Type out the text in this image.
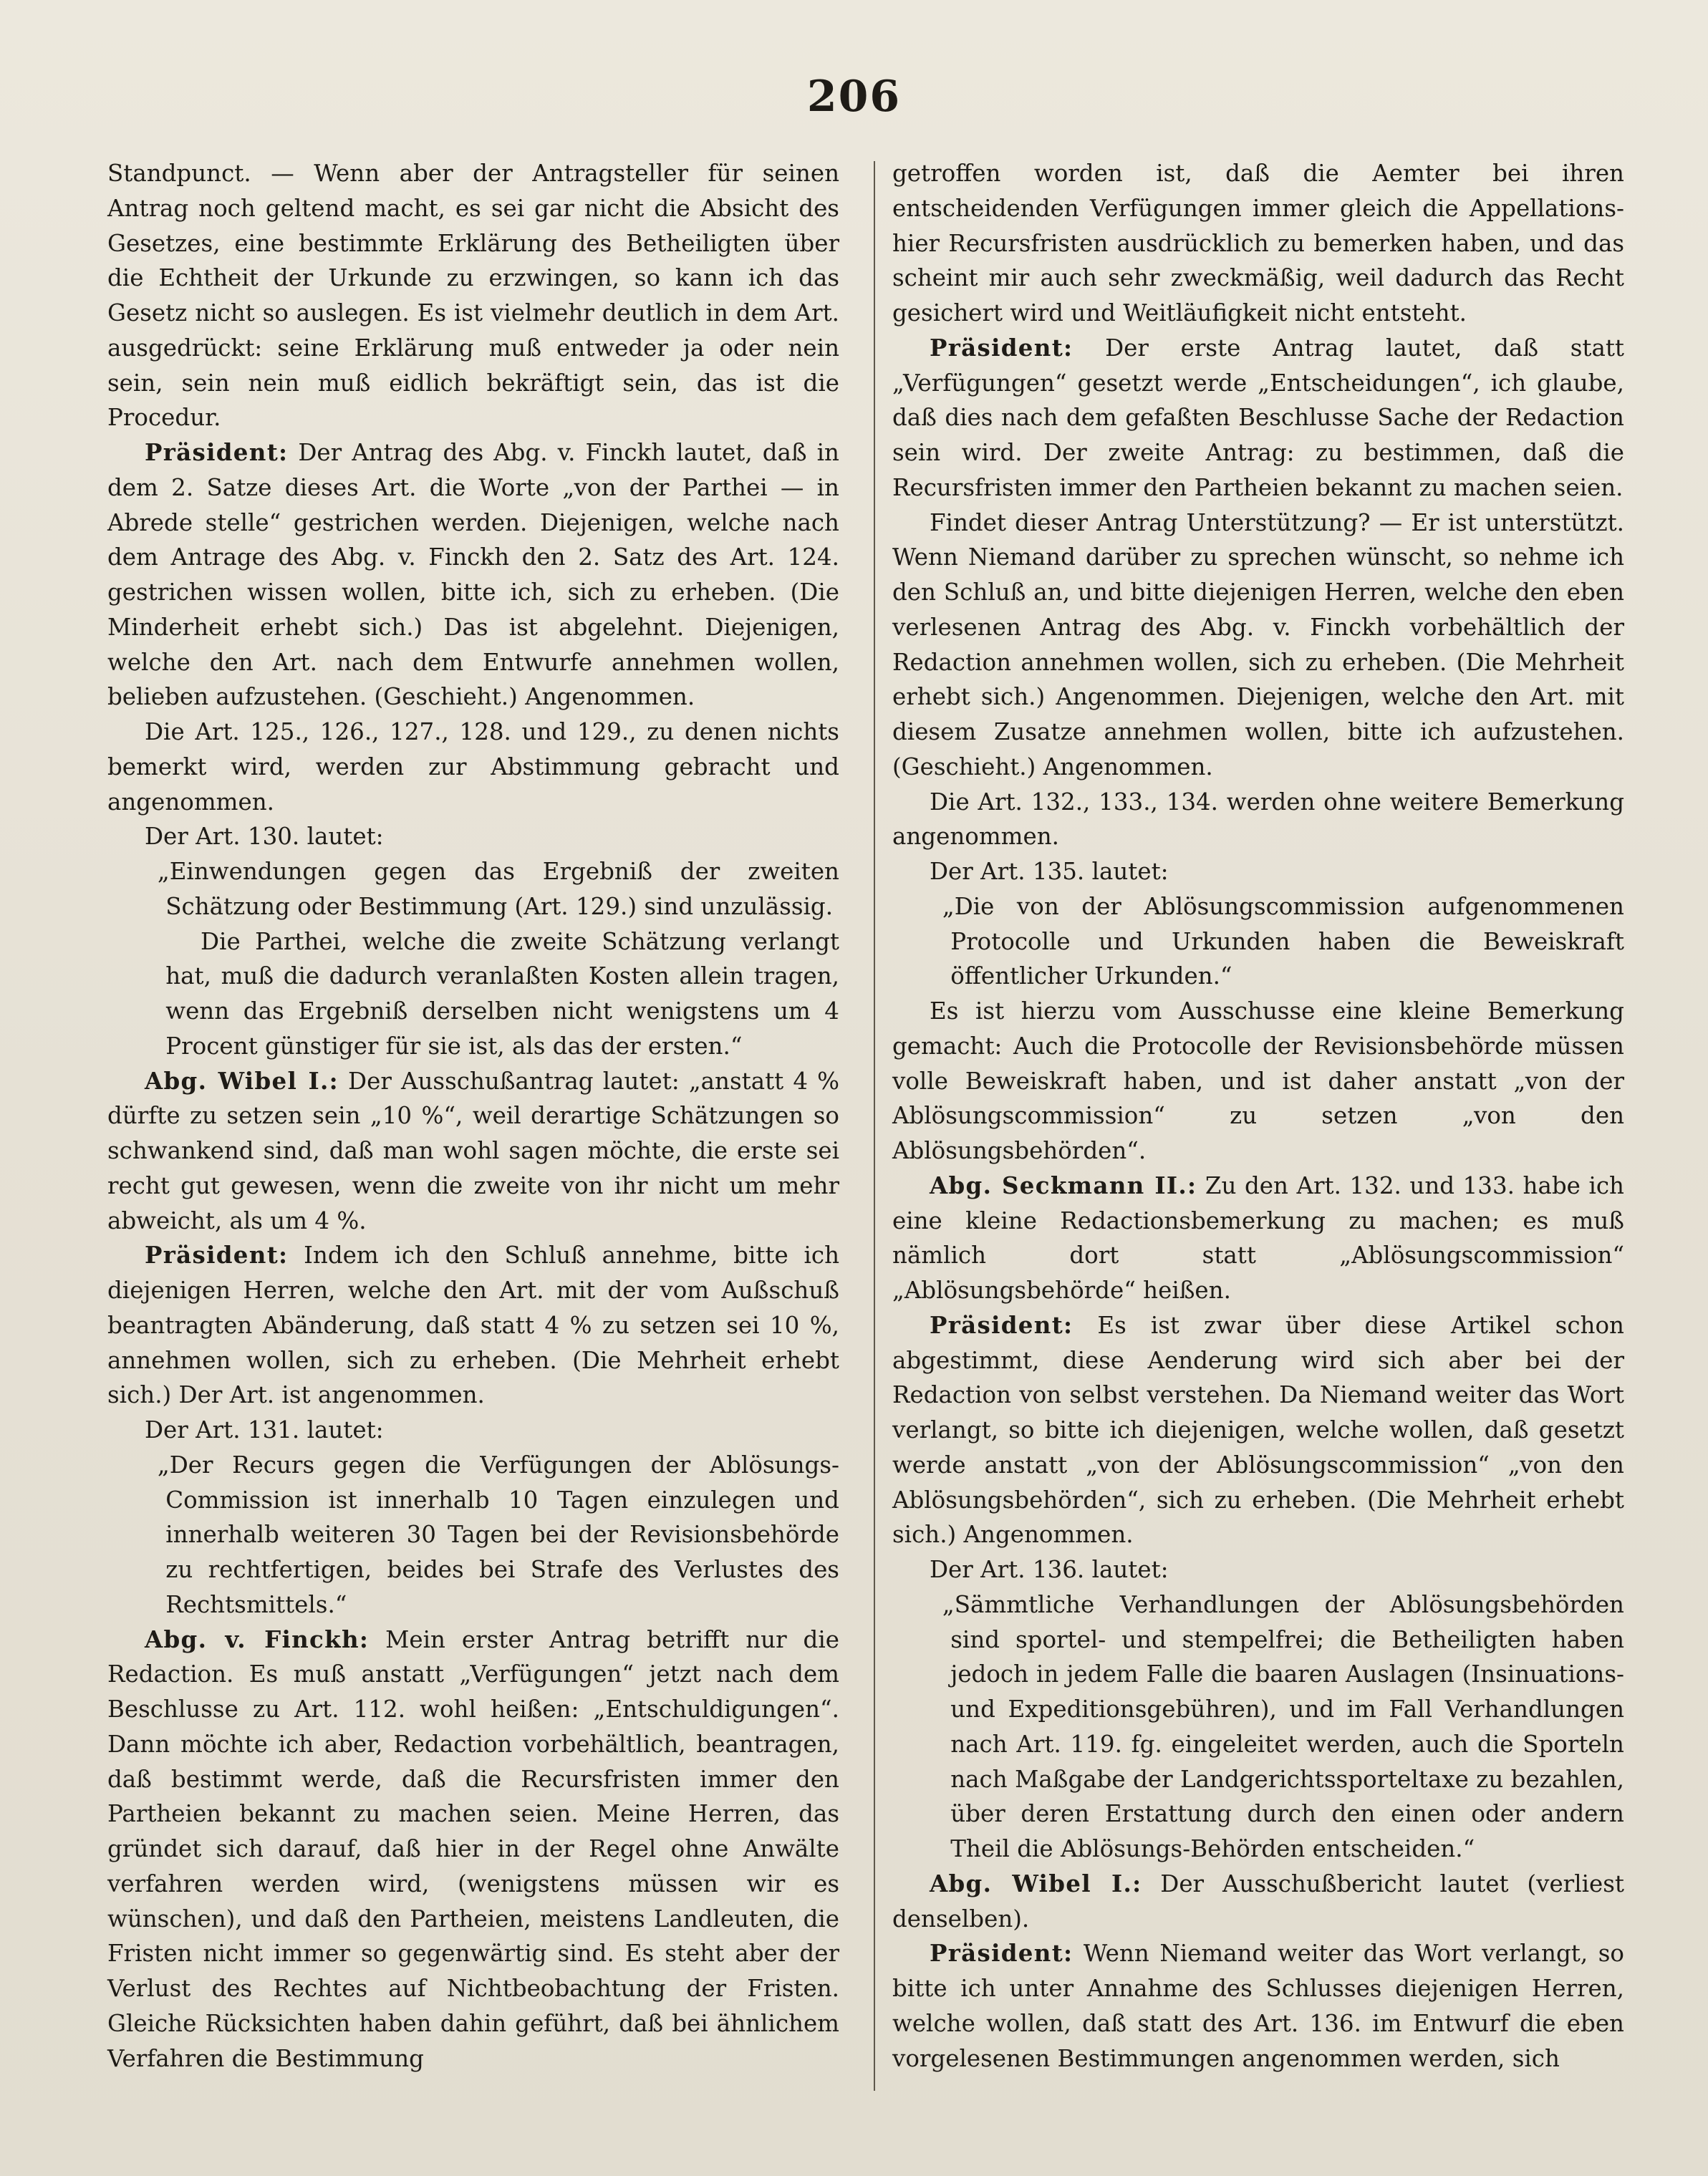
206

Standpunct. — Wenn aber der Antragsteller für seinen Antrag noch geltend macht, es sei gar nicht die Absicht des Gesetzes, eine bestimmte Erklärung des Betheiligten über die Echtheit der Urkunde zu erzwingen, so kann ich das Gesetz nicht so auslegen. Es ist vielmehr deutlich in dem Art. ausgedrückt: seine Erklärung muß entweder ja oder nein sein, sein nein muß eidlich bekräftigt sein, das ist die Procedur.

Präsident: Der Antrag des Abg. v. Finckh lautet, daß in dem 2. Satze dieses Art. die Worte „von der Parthei — in Abrede stelle“ gestrichen werden. Diejenigen, welche nach dem Antrage des Abg. v. Finckh den 2. Satz des Art. 124. gestrichen wissen wollen, bitte ich, sich zu erheben. (Die Minderheit erhebt sich.) Das ist abgelehnt. Diejenigen, welche den Art. nach dem Entwurfe annehmen wollen, belieben aufzustehen. (Geschieht.) Angenommen.

Die Art. 125., 126., 127., 128. und 129., zu denen nichts bemerkt wird, werden zur Abstimmung gebracht und angenommen.

Der Art. 130. lautet:

„Einwendungen gegen das Ergebniß der zweiten Schätzung oder Bestimmung (Art. 129.) sind unzulässig.

Die Parthei, welche die zweite Schätzung verlangt hat, muß die dadurch veranlaßten Kosten allein tragen, wenn das Ergebniß derselben nicht wenigstens um 4 Procent günstiger für sie ist, als das der ersten.“

Abg. Wibel I.: Der Ausschußantrag lautet: „anstatt 4 % dürfte zu setzen sein „10 %“, weil derartige Schätzungen so schwankend sind, daß man wohl sagen möchte, die erste sei recht gut gewesen, wenn die zweite von ihr nicht um mehr abweicht, als um 4 %.

Präsident: Indem ich den Schluß annehme, bitte ich diejenigen Herren, welche den Art. mit der vom Außschuß beantragten Abänderung, daß statt 4 % zu setzen sei 10 %, annehmen wollen, sich zu erheben. (Die Mehrheit erhebt sich.) Der Art. ist angenommen.

Der Art. 131. lautet:

„Der Recurs gegen die Verfügungen der Ablösungs-Commission ist innerhalb 10 Tagen einzulegen und innerhalb weiteren 30 Tagen bei der Revisionsbehörde zu rechtfertigen, beides bei Strafe des Verlustes des Rechtsmittels.“

Abg. v. Finckh: Mein erster Antrag betrifft nur die Redaction. Es muß anstatt „Verfügungen“ jetzt nach dem Beschlusse zu Art. 112. wohl heißen: „Entschuldigungen“. Dann möchte ich aber, Redaction vorbehältlich, beantragen, daß bestimmt werde, daß die Recursfristen immer den Partheien bekannt zu machen seien. Meine Herren, das gründet sich darauf, daß hier in der Regel ohne Anwälte verfahren werden wird, (wenigstens müssen wir es wünschen), und daß den Partheien, meistens Landleuten, die Fristen nicht immer so gegenwärtig sind. Es steht aber der Verlust des Rechtes auf Nichtbeobachtung der Fristen. Gleiche Rücksichten haben dahin geführt, daß bei ähnlichem Verfahren die Bestimmung

getroffen worden ist, daß die Aemter bei ihren entscheidenden Verfügungen immer gleich die Appellations- hier Recursfristen ausdrücklich zu bemerken haben, und das scheint mir auch sehr zweckmäßig, weil dadurch das Recht gesichert wird und Weitläufigkeit nicht entsteht.

Präsident: Der erste Antrag lautet, daß statt „Verfügungen“ gesetzt werde „Entscheidungen“, ich glaube, daß dies nach dem gefaßten Beschlusse Sache der Redaction sein wird. Der zweite Antrag: zu bestimmen, daß die Recursfristen immer den Partheien bekannt zu machen seien.

Findet dieser Antrag Unterstützung? — Er ist unterstützt. Wenn Niemand darüber zu sprechen wünscht, so nehme ich den Schluß an, und bitte diejenigen Herren, welche den eben verlesenen Antrag des Abg. v. Finckh vorbehältlich der Redaction annehmen wollen, sich zu erheben. (Die Mehrheit erhebt sich.) Angenommen. Diejenigen, welche den Art. mit diesem Zusatze annehmen wollen, bitte ich aufzustehen. (Geschieht.) Angenommen.

Die Art. 132., 133., 134. werden ohne weitere Bemerkung angenommen.

Der Art. 135. lautet:

„Die von der Ablösungscommission aufgenommenen Protocolle und Urkunden haben die Beweiskraft öffentlicher Urkunden.“

Es ist hierzu vom Ausschusse eine kleine Bemerkung gemacht: Auch die Protocolle der Revisionsbehörde müssen volle Beweiskraft haben, und ist daher anstatt „von der Ablösungscommission“ zu setzen „von den Ablösungsbehörden“.

Abg. Seckmann II.: Zu den Art. 132. und 133. habe ich eine kleine Redactionsbemerkung zu machen; es muß nämlich dort statt „Ablösungscommission“ „Ablösungsbehörde“ heißen.

Präsident: Es ist zwar über diese Artikel schon abgestimmt, diese Aenderung wird sich aber bei der Redaction von selbst verstehen. Da Niemand weiter das Wort verlangt, so bitte ich diejenigen, welche wollen, daß gesetzt werde anstatt „von der Ablösungscommission“ „von den Ablösungsbehörden“, sich zu erheben. (Die Mehrheit erhebt sich.) Angenommen.

Der Art. 136. lautet:

„Sämmtliche Verhandlungen der Ablösungsbehörden sind sportel- und stempelfrei; die Betheiligten haben jedoch in jedem Falle die baaren Auslagen (Insinuations- und Expeditionsgebühren), und im Fall Verhandlungen nach Art. 119. fg. eingeleitet werden, auch die Sporteln nach Maßgabe der Landgerichtssporteltaxe zu bezahlen, über deren Erstattung durch den einen oder andern Theil die Ablösungs-Behörden entscheiden.“

Abg. Wibel I.: Der Ausschußbericht lautet (verliest denselben).

Präsident: Wenn Niemand weiter das Wort verlangt, so bitte ich unter Annahme des Schlusses diejenigen Herren, welche wollen, daß statt des Art. 136. im Entwurf die eben vorgelesenen Bestimmungen angenommen werden, sich
